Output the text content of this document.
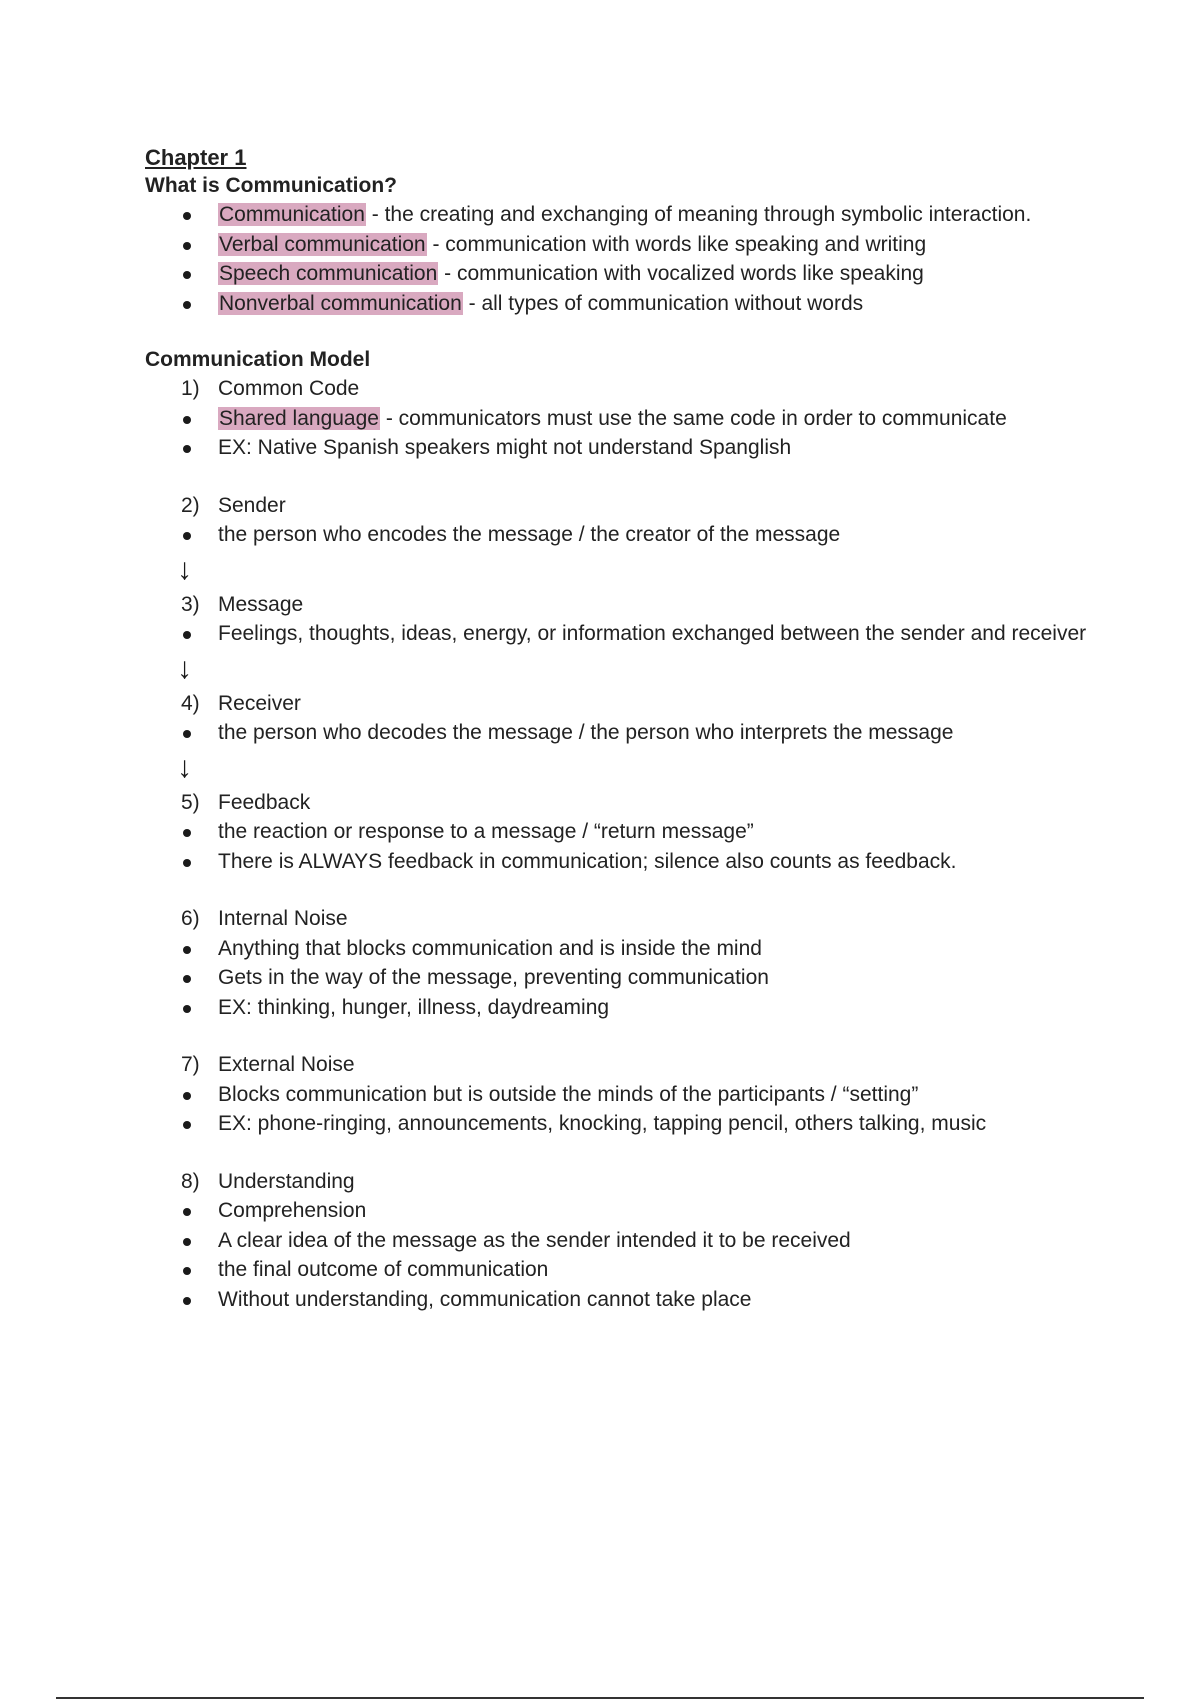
Chapter 1

What is Communication?

Communication - the creating and exchanging of meaning through symbolic interaction.
Verbal communication - communication with words like speaking and writing
Speech communication - communication with vocalized words like speaking
Nonverbal communication - all types of communication without words

Communication Model

1) Common Code
Shared language - communicators must use the same code in order to communicate
EX: Native Spanish speakers might not understand Spanglish
2) Sender
the person who encodes the message / the creator of the message
↓
3) Message
Feelings, thoughts, ideas, energy, or information exchanged between the sender and receiver
↓
4) Receiver
the person who decodes the message / the person who interprets the message
↓
5) Feedback
the reaction or response to a message / “return message”
There is ALWAYS feedback in communication; silence also counts as feedback.
6) Internal Noise
Anything that blocks communication and is inside the mind
Gets in the way of the message, preventing communication
EX: thinking, hunger, illness, daydreaming
7) External Noise
Blocks communication but is outside the minds of the participants / “setting”
EX: phone-ringing, announcements, knocking, tapping pencil, others talking, music
8) Understanding
Comprehension
A clear idea of the message as the sender intended it to be received
the final outcome of communication
Without understanding, communication cannot take place
